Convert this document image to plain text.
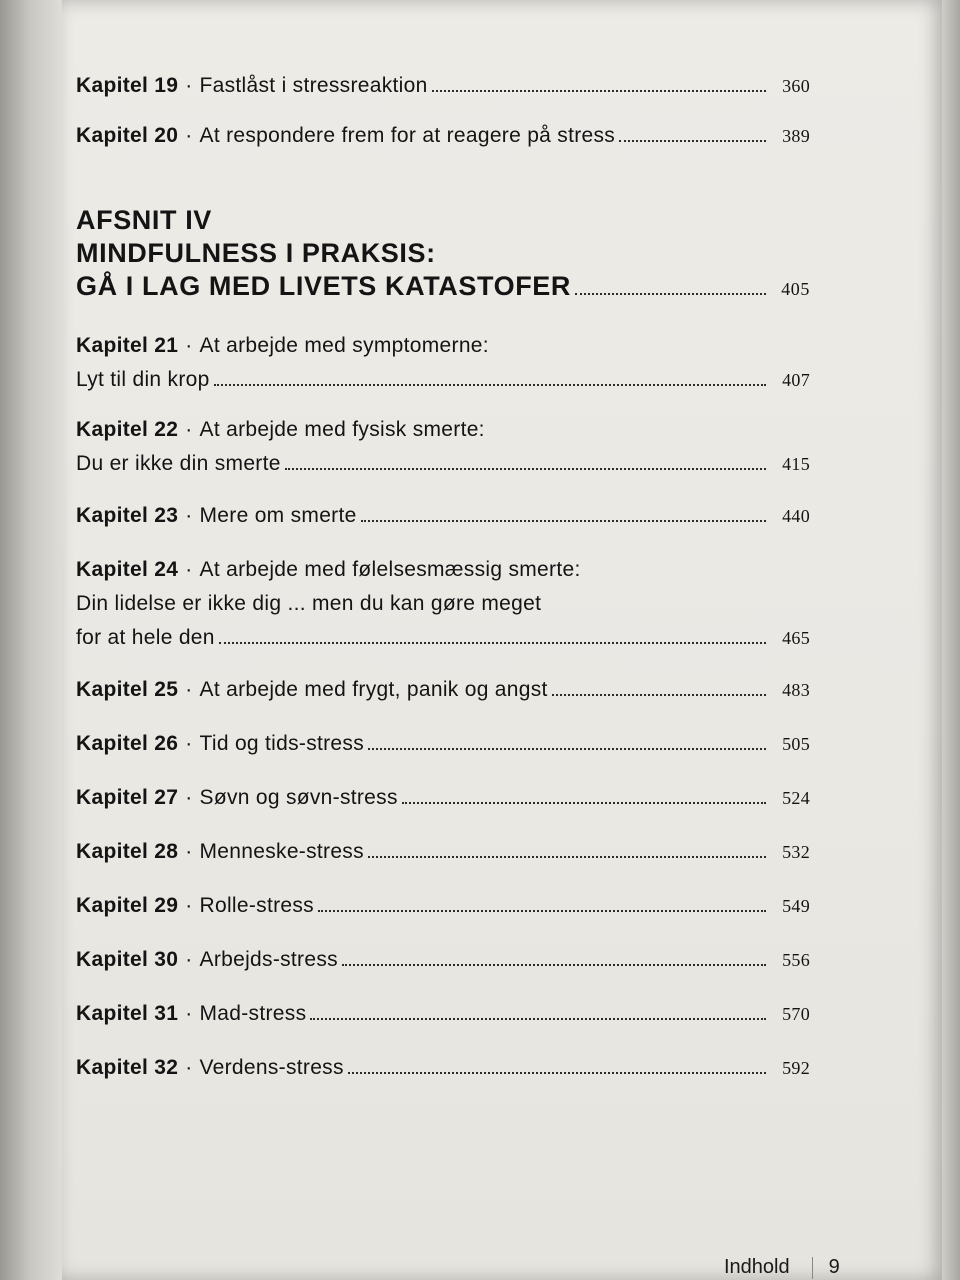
Kapitel 19 · Fastlåst i stressreaktion	360
Kapitel 20 · At respondere frem for at reagere på stress	389
AFSNIT IV
MINDFULNESS I PRAKSIS:
GÅ I LAG MED LIVETS KATASTOFER	405
Kapitel 21 · At arbejde med symptomerne:
Lyt til din krop	407
Kapitel 22 · At arbejde med fysisk smerte:
Du er ikke din smerte	415
Kapitel 23 · Mere om smerte	440
Kapitel 24 · At arbejde med følelsesmæssig smerte:
Din lidelse er ikke dig ... men du kan gøre meget
for at hele den	465
Kapitel 25 · At arbejde med frygt, panik og angst	483
Kapitel 26 · Tid og tids-stress	505
Kapitel 27 · Søvn og søvn-stress	524
Kapitel 28 · Menneske-stress	532
Kapitel 29 · Rolle-stress	549
Kapitel 30 · Arbejds-stress	556
Kapitel 31 · Mad-stress	570
Kapitel 32 · Verdens-stress	592
Indhold 9
